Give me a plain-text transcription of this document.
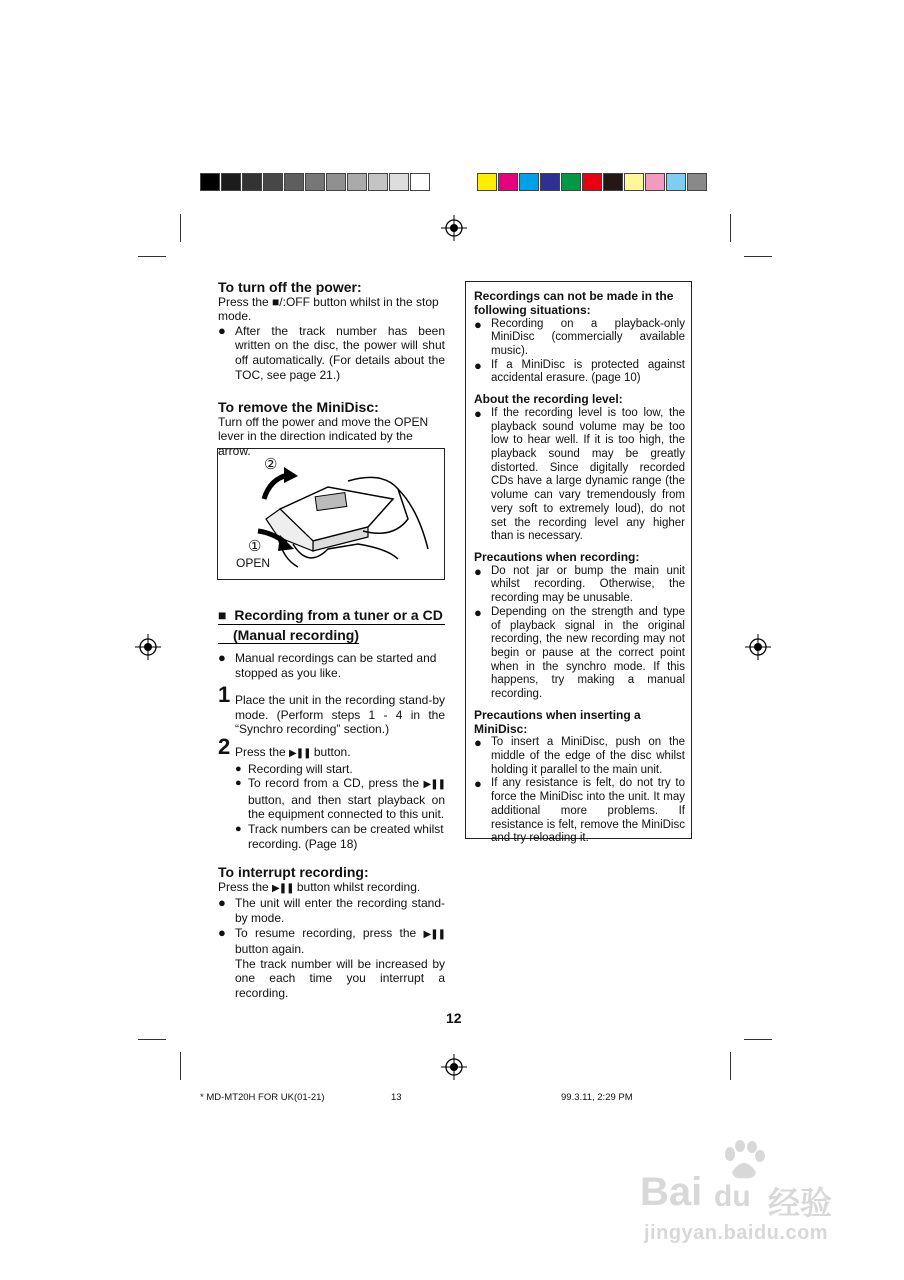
To turn off the power:

Press the ■/:OFF button whilst in the stop mode.

● After the track number has been written on the disc, the power will shut off automatically. (For details about the TOC, see page 21.)
To remove the MiniDisc:

Turn off the power and move the OPEN lever in the direction indicated by the arrow.

②
①
OPEN
■ Recording from a tuner or a CD
(Manual recording)
● Manual recordings can be started and stopped as you like.
1 Place the unit in the recording stand-by mode. (Perform steps 1 - 4 in the “Synchro recording” section.)
2 Press the ▶❚❚ button.
● Recording will start.
● To record from a CD, press the ▶❚❚ button, and then start playback on the equipment connected to this unit.
● Track numbers can be created whilst recording. (Page 18)
To interrupt recording:

Press the ▶❚❚ button whilst recording.

● The unit will enter the recording stand-by mode.
● To resume recording, press the ▶❚❚ button again.
The track number will be increased by one each time you interrupt a recording.
Recordings can not be made in the following situations:
● Recording on a playback-only MiniDisc (commercially available music).
● If a MiniDisc is protected against accidental erasure. (page 10)
About the recording level:
● If the recording level is too low, the playback sound volume may be too low to hear well. If it is too high, the playback sound may be greatly distorted. Since digitally recorded CDs have a large dynamic range (the volume can vary tremendously from very soft to extremely loud), do not set the recording level any higher than is necessary.
Precautions when recording:
● Do not jar or bump the main unit whilst recording. Otherwise, the recording may be unusable.
● Depending on the strength and type of playback signal in the original recording, the new recording may not begin or pause at the correct point when in the synchro mode. If this happens, try making a manual recording.
Precautions when inserting a MiniDisc:
● To insert a MiniDisc, push on the middle of the edge of the disc whilst holding it parallel to the main unit.
● If any resistance is felt, do not try to force the MiniDisc into the unit. It may additional more problems. If resistance is felt, remove the MiniDisc and try reloading it.
12
* MD-MT20H FOR UK(01-21)	13	99.3.11, 2:29 PM
Bai du 经验
jingyan.baidu.com
